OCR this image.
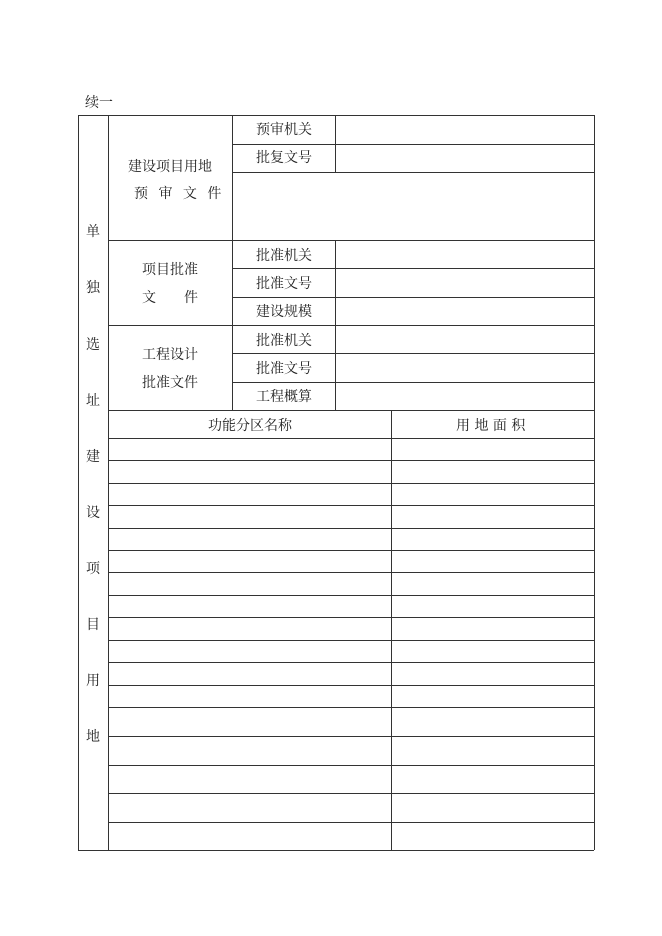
续一
单
独
选
址
建
设
项
目
用
地
建设项目用地
预 审 文 件
预审机关
批复文号
项目批准
文　　件
批准机关
批准文号
建设规模
工程设计
批准文件
批准机关
批准文号
工程概算
功能分区名称	用 地 面 积
